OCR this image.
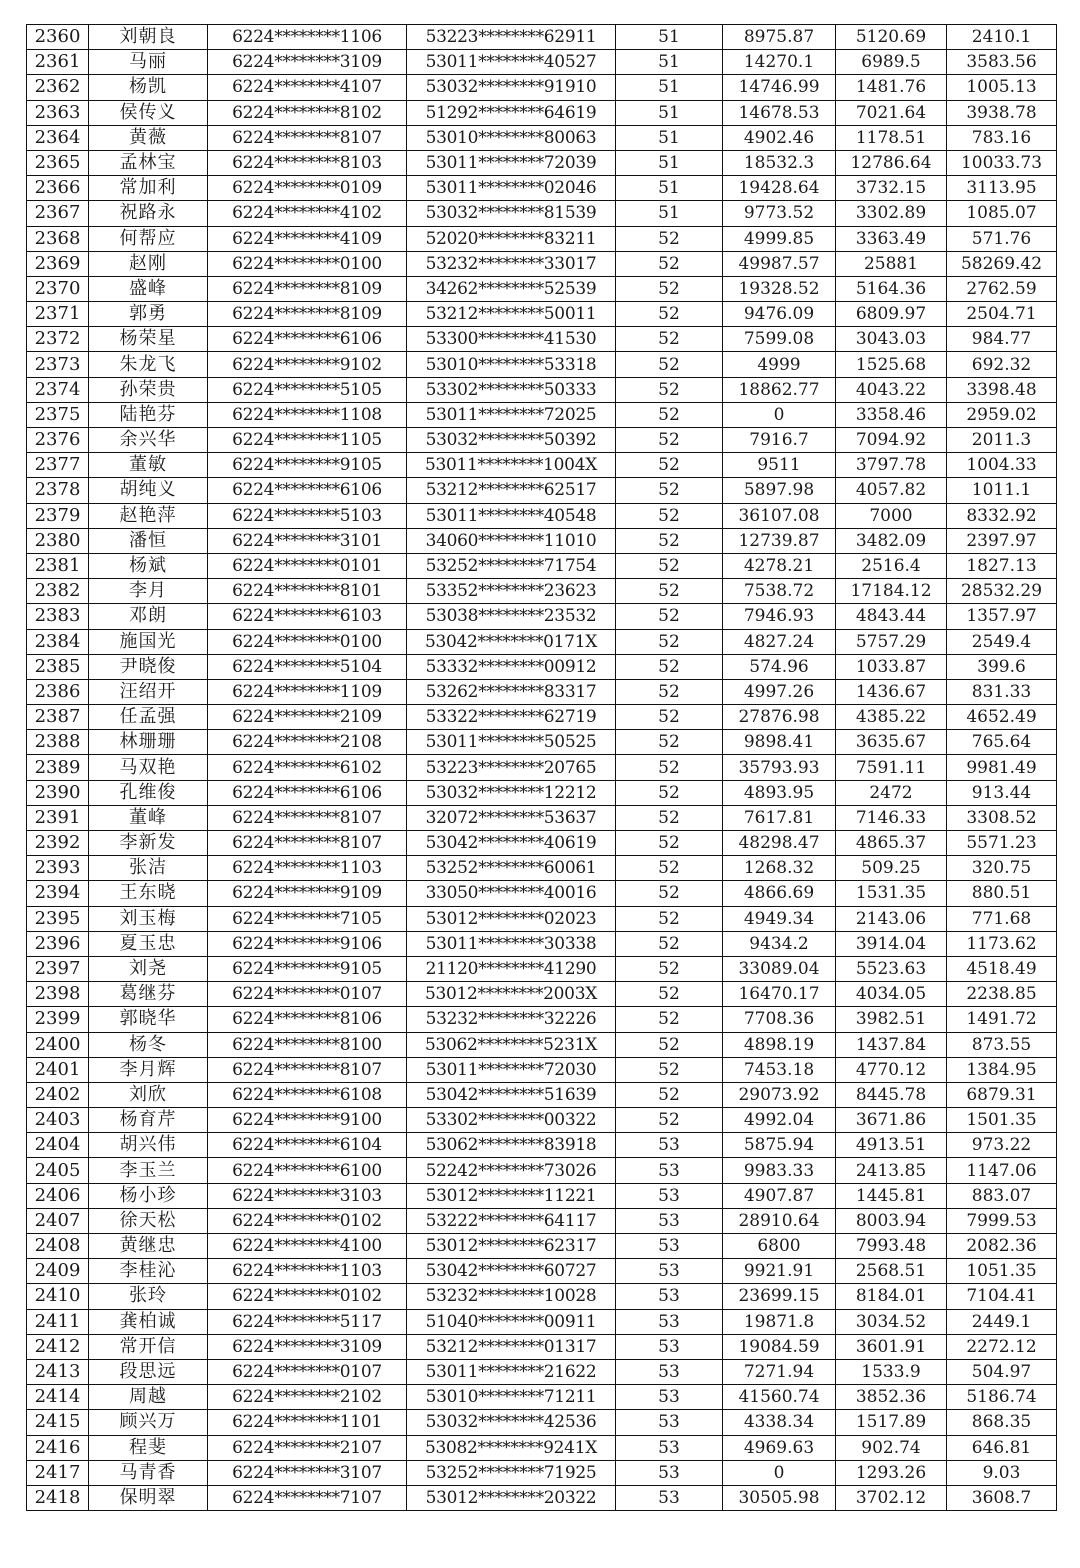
2360	刘朝良	6224********1106	53223********62911	51	8975.87	5120.69	2410.1
2361	马丽	6224********3109	53011********40527	51	14270.1	6989.5	3583.56
2362	杨凯	6224********4107	53032********91910	51	14746.99	1481.76	1005.13
2363	侯传义	6224********8102	51292********64619	51	14678.53	7021.64	3938.78
2364	黄薇	6224********8107	53010********80063	51	4902.46	1178.51	783.16
2365	孟林宝	6224********8103	53011********72039	51	18532.3	12786.64	10033.73
2366	常加利	6224********0109	53011********02046	51	19428.64	3732.15	3113.95
2367	祝路永	6224********4102	53032********81539	51	9773.52	3302.89	1085.07
2368	何帮应	6224********4109	52020********83211	52	4999.85	3363.49	571.76
2369	赵刚	6224********0100	53232********33017	52	49987.57	25881	58269.42
2370	盛峰	6224********8109	34262********52539	52	19328.52	5164.36	2762.59
2371	郭勇	6224********8109	53212********50011	52	9476.09	6809.97	2504.71
2372	杨荣星	6224********6106	53300********41530	52	7599.08	3043.03	984.77
2373	朱龙飞	6224********9102	53010********53318	52	4999	1525.68	692.32
2374	孙荣贵	6224********5105	53302********50333	52	18862.77	4043.22	3398.48
2375	陆艳芬	6224********1108	53011********72025	52	0	3358.46	2959.02
2376	余兴华	6224********1105	53032********50392	52	7916.7	7094.92	2011.3
2377	董敏	6224********9105	53011********1004X	52	9511	3797.78	1004.33
2378	胡纯义	6224********6106	53212********62517	52	5897.98	4057.82	1011.1
2379	赵艳萍	6224********5103	53011********40548	52	36107.08	7000	8332.92
2380	潘恒	6224********3101	34060********11010	52	12739.87	3482.09	2397.97
2381	杨斌	6224********0101	53252********71754	52	4278.21	2516.4	1827.13
2382	李月	6224********8101	53352********23623	52	7538.72	17184.12	28532.29
2383	邓朗	6224********6103	53038********23532	52	7946.93	4843.44	1357.97
2384	施国光	6224********0100	53042********0171X	52	4827.24	5757.29	2549.4
2385	尹晓俊	6224********5104	53332********00912	52	574.96	1033.87	399.6
2386	汪绍开	6224********1109	53262********83317	52	4997.26	1436.67	831.33
2387	任孟强	6224********2109	53322********62719	52	27876.98	4385.22	4652.49
2388	林珊珊	6224********2108	53011********50525	52	9898.41	3635.67	765.64
2389	马双艳	6224********6102	53223********20765	52	35793.93	7591.11	9981.49
2390	孔维俊	6224********6106	53032********12212	52	4893.95	2472	913.44
2391	董峰	6224********8107	32072********53637	52	7617.81	7146.33	3308.52
2392	李新发	6224********8107	53042********40619	52	48298.47	4865.37	5571.23
2393	张洁	6224********1103	53252********60061	52	1268.32	509.25	320.75
2394	王东晓	6224********9109	33050********40016	52	4866.69	1531.35	880.51
2395	刘玉梅	6224********7105	53012********02023	52	4949.34	2143.06	771.68
2396	夏玉忠	6224********9106	53011********30338	52	9434.2	3914.04	1173.62
2397	刘尧	6224********9105	21120********41290	52	33089.04	5523.63	4518.49
2398	葛继芬	6224********0107	53012********2003X	52	16470.17	4034.05	2238.85
2399	郭晓华	6224********8106	53232********32226	52	7708.36	3982.51	1491.72
2400	杨冬	6224********8100	53062********5231X	52	4898.19	1437.84	873.55
2401	李月辉	6224********8107	53011********72030	52	7453.18	4770.12	1384.95
2402	刘欣	6224********6108	53042********51639	52	29073.92	8445.78	6879.31
2403	杨育芹	6224********9100	53302********00322	52	4992.04	3671.86	1501.35
2404	胡兴伟	6224********6104	53062********83918	53	5875.94	4913.51	973.22
2405	李玉兰	6224********6100	52242********73026	53	9983.33	2413.85	1147.06
2406	杨小珍	6224********3103	53012********11221	53	4907.87	1445.81	883.07
2407	徐天松	6224********0102	53222********64117	53	28910.64	8003.94	7999.53
2408	黄继忠	6224********4100	53012********62317	53	6800	7993.48	2082.36
2409	李桂沁	6224********1103	53042********60727	53	9921.91	2568.51	1051.35
2410	张玲	6224********0102	53232********10028	53	23699.15	8184.01	7104.41
2411	龚柏诚	6224********5117	51040********00911	53	19871.8	3034.52	2449.1
2412	常开信	6224********3109	53212********01317	53	19084.59	3601.91	2272.12
2413	段思远	6224********0107	53011********21622	53	7271.94	1533.9	504.97
2414	周越	6224********2102	53010********71211	53	41560.74	3852.36	5186.74
2415	顾兴万	6224********1101	53032********42536	53	4338.34	1517.89	868.35
2416	程斐	6224********2107	53082********9241X	53	4969.63	902.74	646.81
2417	马青香	6224********3107	53252********71925	53	0	1293.26	9.03
2418	保明翠	6224********7107	53012********20322	53	30505.98	3702.12	3608.7
